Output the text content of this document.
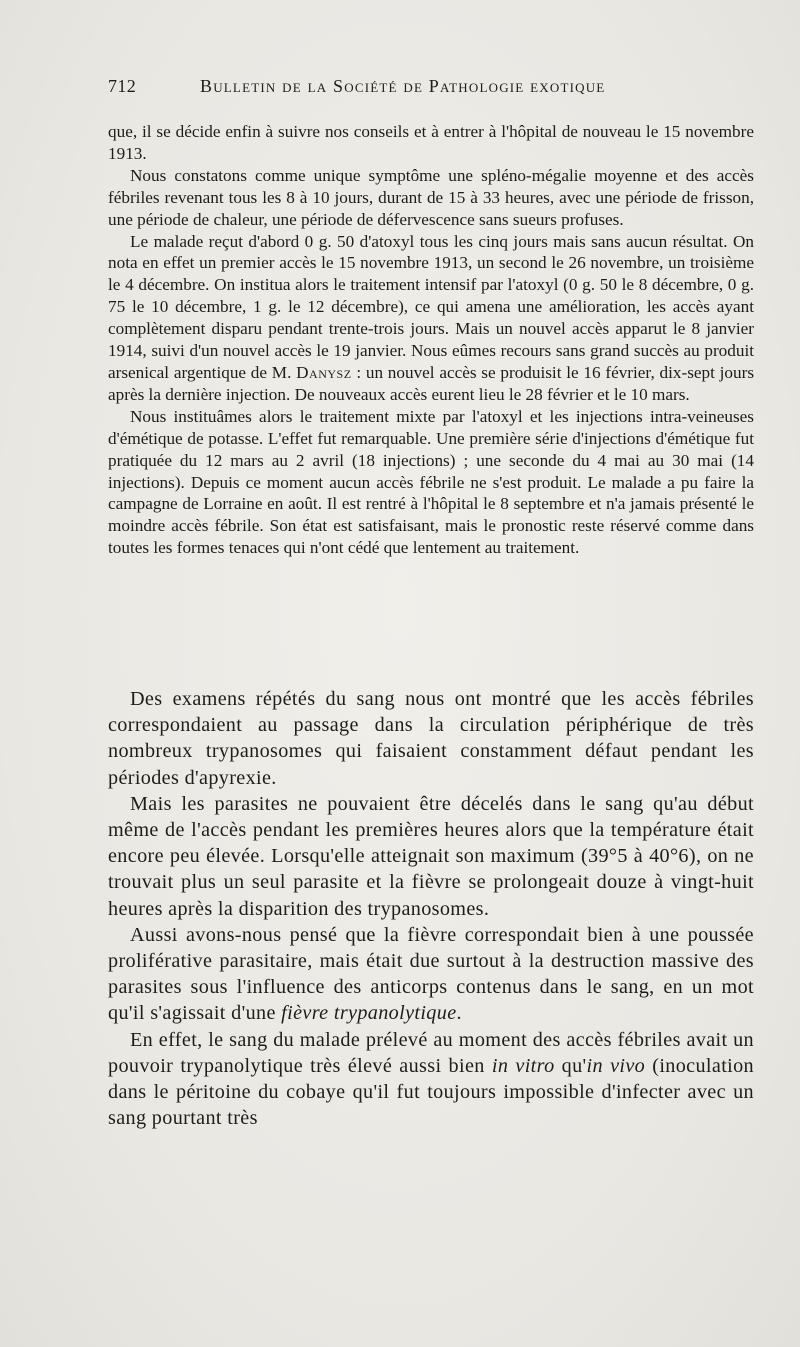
712	Bulletin de la Société de Pathologie exotique

que, il se décide enfin à suivre nos conseils et à entrer à l'hôpital de nouveau le 15 novembre 1913.

Nous constatons comme unique symptôme une spléno-mégalie moyenne et des accès fébriles revenant tous les 8 à 10 jours, durant de 15 à 33 heures, avec une période de frisson, une période de chaleur, une période de défervescence sans sueurs profuses.

Le malade reçut d'abord 0 g. 50 d'atoxyl tous les cinq jours mais sans aucun résultat. On nota en effet un premier accès le 15 novembre 1913, un second le 26 novembre, un troisième le 4 décembre. On institua alors le traitement intensif par l'atoxyl (0 g. 50 le 8 décembre, 0 g. 75 le 10 décembre, 1 g. le 12 décembre), ce qui amena une amélioration, les accès ayant complètement disparu pendant trente-trois jours. Mais un nouvel accès apparut le 8 janvier 1914, suivi d'un nouvel accès le 19 janvier. Nous eûmes recours sans grand succès au produit arsenical argentique de M. Danysz : un nouvel accès se produisit le 16 février, dix-sept jours après la dernière injection. De nouveaux accès eurent lieu le 28 février et le 10 mars.

Nous instituâmes alors le traitement mixte par l'atoxyl et les injections intra-veineuses d'émétique de potasse. L'effet fut remarquable. Une première série d'injections d'émétique fut pratiquée du 12 mars au 2 avril (18 injections) ; une seconde du 4 mai au 30 mai (14 injections). Depuis ce moment aucun accès fébrile ne s'est produit. Le malade a pu faire la campagne de Lorraine en août. Il est rentré à l'hôpital le 8 septembre et n'a jamais présenté le moindre accès fébrile. Son état est satisfaisant, mais le pronostic reste réservé comme dans toutes les formes tenaces qui n'ont cédé que lentement au traitement.

Des examens répétés du sang nous ont montré que les accès fébriles correspondaient au passage dans la circulation périphérique de très nombreux trypanosomes qui faisaient constamment défaut pendant les périodes d'apyrexie.

Mais les parasites ne pouvaient être décelés dans le sang qu'au début même de l'accès pendant les premières heures alors que la température était encore peu élevée. Lorsqu'elle atteignait son maximum (39°5 à 40°6), on ne trouvait plus un seul parasite et la fièvre se prolongeait douze à vingt-huit heures après la disparition des trypanosomes.

Aussi avons-nous pensé que la fièvre correspondait bien à une poussée proliférative parasitaire, mais était due surtout à la destruction massive des parasites sous l'influence des anticorps contenus dans le sang, en un mot qu'il s'agissait d'une fièvre trypanolytique.

En effet, le sang du malade prélevé au moment des accès fébriles avait un pouvoir trypanolytique très élevé aussi bien in vitro qu'in vivo (inoculation dans le péritoine du cobaye qu'il fut toujours impossible d'infecter avec un sang pourtant très
